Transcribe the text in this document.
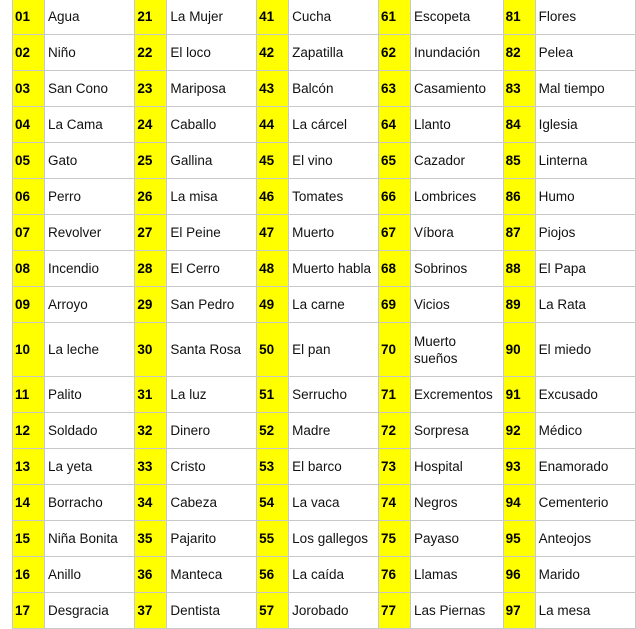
01	Agua	21	La Mujer	41	Cucha	61	Escopeta	81	Flores
02	Niño	22	El loco	42	Zapatilla	62	Inundación	82	Pelea
03	San Cono	23	Mariposa	43	Balcón	63	Casamiento	83	Mal tiempo
04	La Cama	24	Caballo	44	La cárcel	64	Llanto	84	Iglesia
05	Gato	25	Gallina	45	El vino	65	Cazador	85	Linterna
06	Perro	26	La misa	46	Tomates	66	Lombrices	86	Humo
07	Revolver	27	El Peine	47	Muerto	67	Víbora	87	Piojos
08	Incendio	28	El Cerro	48	Muerto habla	68	Sobrinos	88	El Papa
09	Arroyo	29	San Pedro	49	La carne	69	Vicios	89	La Rata
10	La leche	30	Santa Rosa	50	El pan	70	Muerto sueños	90	El miedo
11	Palito	31	La luz	51	Serrucho	71	Excrementos	91	Excusado
12	Soldado	32	Dinero	52	Madre	72	Sorpresa	92	Médico
13	La yeta	33	Cristo	53	El barco	73	Hospital	93	Enamorado
14	Borracho	34	Cabeza	54	La vaca	74	Negros	94	Cementerio
15	Niña Bonita	35	Pajarito	55	Los gallegos	75	Payaso	95	Anteojos
16	Anillo	36	Manteca	56	La caída	76	Llamas	96	Marido
17	Desgracia	37	Dentista	57	Jorobado	77	Las Piernas	97	La mesa
